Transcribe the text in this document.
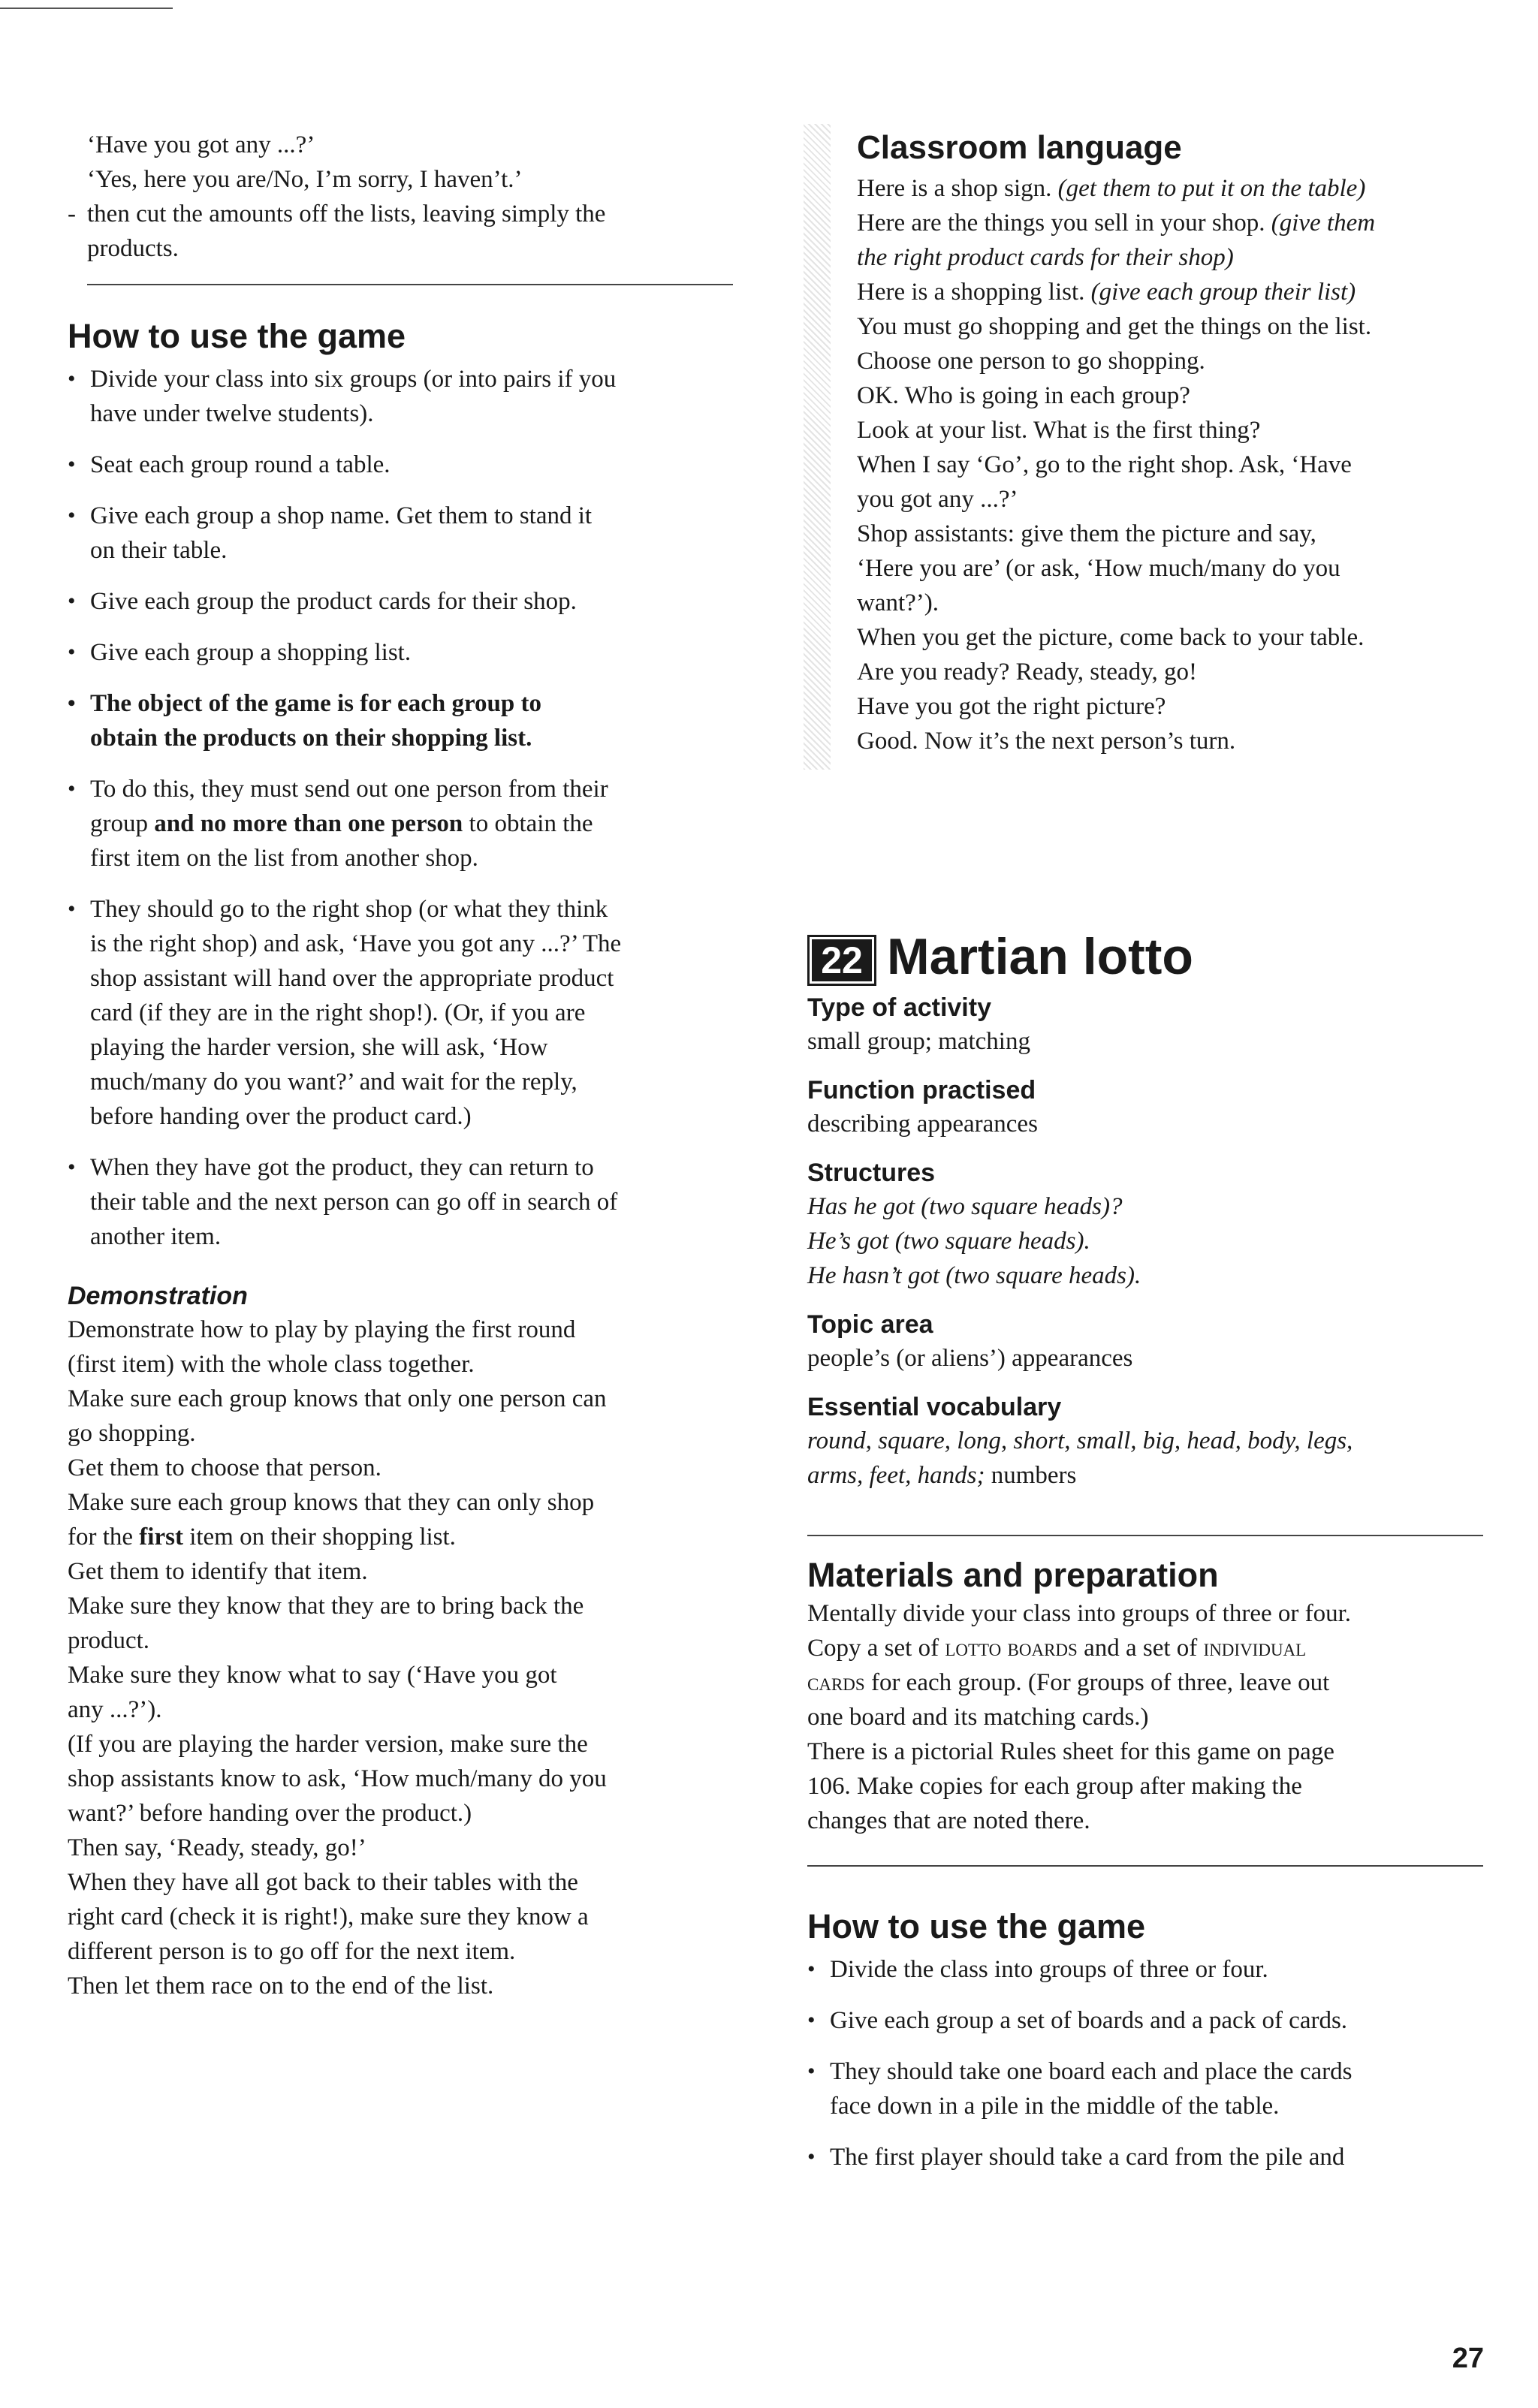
‘Have you got any ...?’
‘Yes, here you are/No, I’m sorry, I haven’t.’
- then cut the amounts off the lists, leaving simply the
products.
How to use the game
• Divide your class into six groups (or into pairs if you
have under twelve students).
• Seat each group round a table.
• Give each group a shop name. Get them to stand it
on their table.
• Give each group the product cards for their shop.
• Give each group a shopping list.
• The object of the game is for each group to
obtain the products on their shopping list.
• To do this, they must send out one person from their
group and no more than one person to obtain the
first item on the list from another shop.
• They should go to the right shop (or what they think
is the right shop) and ask, ‘Have you got any ...?’ The
shop assistant will hand over the appropriate product
card (if they are in the right shop!). (Or, if you are
playing the harder version, she will ask, ‘How
much/many do you want?’ and wait for the reply,
before handing over the product card.)
• When they have got the product, they can return to
their table and the next person can go off in search of
another item.
Demonstration
Demonstrate how to play by playing the first round
(first item) with the whole class together.
Make sure each group knows that only one person can
go shopping.
Get them to choose that person.
Make sure each group knows that they can only shop
for the first item on their shopping list.
Get them to identify that item.
Make sure they know that they are to bring back the
product.
Make sure they know what to say (‘Have you got
any ...?’).
(If you are playing the harder version, make sure the
shop assistants know to ask, ‘How much/many do you
want?’ before handing over the product.)
Then say, ‘Ready, steady, go!’
When they have all got back to their tables with the
right card (check it is right!), make sure they know a
different person is to go off for the next item.
Then let them race on to the end of the list.
Classroom language
Here is a shop sign. (get them to put it on the table)
Here are the things you sell in your shop. (give them
the right product cards for their shop)
Here is a shopping list. (give each group their list)
You must go shopping and get the things on the list.
Choose one person to go shopping.
OK. Who is going in each group?
Look at your list. What is the first thing?
When I say ‘Go’, go to the right shop. Ask, ‘Have
you got any ...?’
Shop assistants: give them the picture and say,
‘Here you are’ (or ask, ‘How much/many do you
want?’).
When you get the picture, come back to your table.
Are you ready? Ready, steady, go!
Have you got the right picture?
Good. Now it’s the next person’s turn.
22 Martian lotto
Type of activity
small group; matching
Function practised
describing appearances
Structures
Has he got (two square heads)?
He’s got (two square heads).
He hasn’t got (two square heads).
Topic area
people’s (or aliens’) appearances
Essential vocabulary
round, square, long, short, small, big, head, body, legs,
arms, feet, hands; numbers
Materials and preparation
Mentally divide your class into groups of three or four.
Copy a set of lotto boards and a set of individual
cards for each group. (For groups of three, leave out
one board and its matching cards.)
There is a pictorial Rules sheet for this game on page
106. Make copies for each group after making the
changes that are noted there.
How to use the game
• Divide the class into groups of three or four.
• Give each group a set of boards and a pack of cards.
• They should take one board each and place the cards
face down in a pile in the middle of the table.
• The first player should take a card from the pile and
27
